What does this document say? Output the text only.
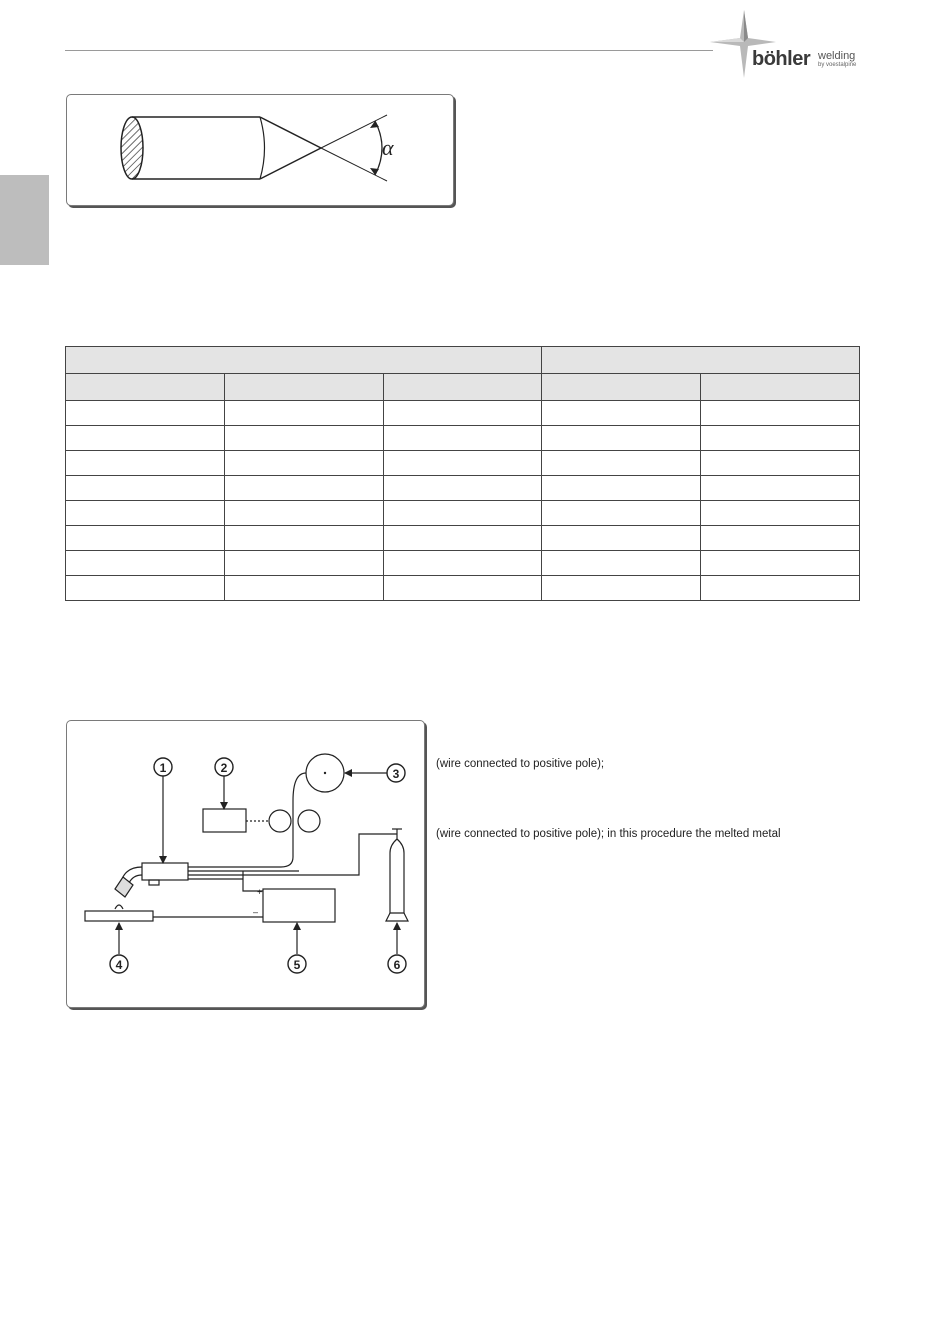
böhler welding
by voestalpine
α

+
–
1	2	3
4	5	6
(wire connected to positive pole);
(wire connected to positive pole); in this procedure the melted metal
